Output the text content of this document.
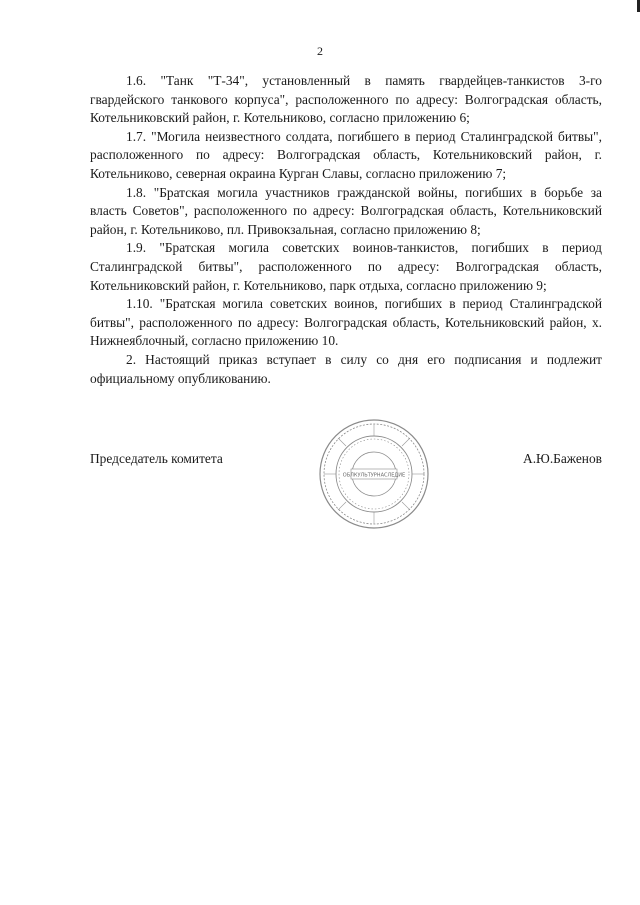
2

1.6. "Танк "Т-34", установленный в память гвардейцев-танкистов 3-го гвардейского танкового корпуса", расположенного по адресу: Волгоградская область, Котельниковский район, г. Котельниково, согласно приложению 6;

1.7. "Могила неизвестного солдата, погибшего в период Сталинградской битвы", расположенного по адресу: Волгоградская область, Котельниковский район, г. Котельниково, северная окраина Курган Славы, согласно приложению 7;

1.8. "Братская могила участников гражданской войны, погибших в борьбе за власть Советов", расположенного по адресу: Волгоградская область, Котельниковский район, г. Котельниково, пл. Привокзальная, согласно приложению 8;

1.9. "Братская могила советских воинов-танкистов, погибших в период Сталинградской битвы", расположенного по адресу: Волгоградская область, Котельниковский район, г. Котельниково, парк отдыха, согласно приложению 9;

1.10. "Братская могила советских воинов, погибших в период Сталинградской битвы", расположенного по адресу: Волгоградская область, Котельниковский район, х. Нижнеяблочный, согласно приложению 10.

2. Настоящий приказ вступает в силу со дня его подписания и подлежит официальному опубликованию.

Председатель комитета	А.Ю.Баженов
ОБЛКУЛЬТУРНАСЛЕДИЕ
